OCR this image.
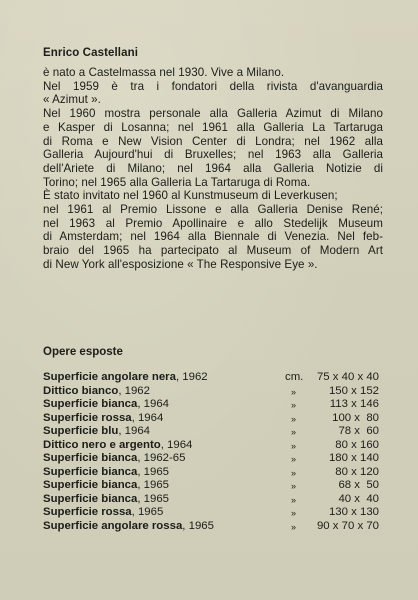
Enrico Castellani

è nato a Castelmassa nel 1930. Vive a Milano.

Nel 1959 è tra i fondatori della rivista d'avanguardia

« Azimut ».

Nel 1960 mostra personale alla Galleria Azimut di Milano

e Kasper di Losanna; nel 1961 alla Galleria La Tartaruga

di Roma e New Vision Center di Londra; nel 1962 alla

Galleria Aujourd'hui di Bruxelles; nel 1963 alla Galleria

dell'Ariete di Milano; nel 1964 alla Galleria Notizie di

Torino; nel 1965 alla Galleria La Tartaruga di Roma.

È stato invitato nel 1960 al Kunstmuseum di Leverkusen;

nel 1961 al Premio Lissone e alla Galleria Denise René;

nel 1963 al Premio Apollinaire e allo Stedelijk Museum

di Amsterdam; nel 1964 alla Biennale di Venezia. Nel feb-

braio del 1965 ha partecipato al Museum of Modern Art

di New York all'esposizione « The Responsive Eye ».

Opere esposte
Superficie angolare nera, 1962	cm.	75 x 40 x 40
Dittico bianco, 1962	»	150 x 152
Superficie bianca, 1964	»	113 x 146
Superficie rossa, 1964	»	100 x  80
Superficie blu, 1964	»	78 x  60
Dittico nero e argento, 1964	»	80 x 160
Superficie bianca, 1962-65	»	180 x 140
Superficie bianca, 1965	»	80 x 120
Superficie bianca, 1965	»	68 x  50
Superficie bianca, 1965	»	40 x  40
Superficie rossa, 1965	»	130 x 130
Superficie angolare rossa, 1965	»	90 x 70 x 70
